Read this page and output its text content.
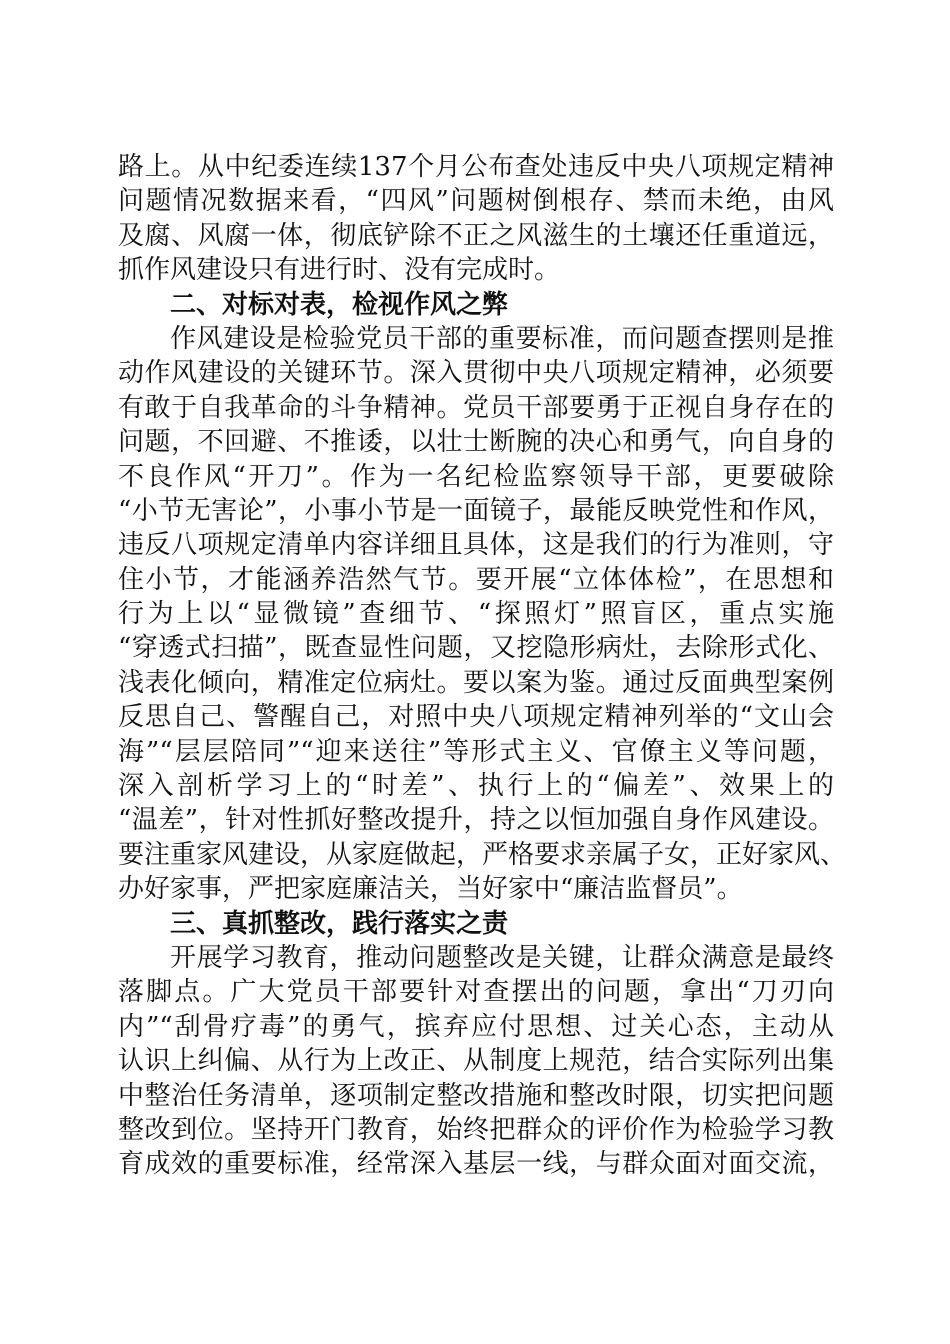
路上。从中纪委连续137个月公布查处违反中央八项规定精神
问题情况数据来看，“四风”问题树倒根存、禁而未绝，由风
及腐、风腐一体，彻底铲除不正之风滋生的土壤还任重道远，
抓作风建设只有进行时、没有完成时。
二、对标对表，检视作风之弊
作风建设是检验党员干部的重要标准，而问题查摆则是推
动作风建设的关键环节。深入贯彻中央八项规定精神，必须要
有敢于自我革命的斗争精神。党员干部要勇于正视自身存在的
问题，不回避、不推诿，以壮士断腕的决心和勇气，向自身的
不良作风“开刀”。作为一名纪检监察领导干部，更要破除
“小节无害论”，小事小节是一面镜子，最能反映党性和作风，
违反八项规定清单内容详细且具体，这是我们的行为准则，守
住小节，才能涵养浩然气节。要开展“立体体检”，在思想和
行为上以“显微镜”查细节、“探照灯”照盲区，重点实施
“穿透式扫描”，既查显性问题，又挖隐形病灶，去除形式化、
浅表化倾向，精准定位病灶。要以案为鉴。通过反面典型案例
反思自己、警醒自己，对照中央八项规定精神列举的“文山会
海”“层层陪同”“迎来送往”等形式主义、官僚主义等问题，
深入剖析学习上的“时差”、执行上的“偏差”、效果上的
“温差”，针对性抓好整改提升，持之以恒加强自身作风建设。
要注重家风建设，从家庭做起，严格要求亲属子女，正好家风、
办好家事，严把家庭廉洁关，当好家中“廉洁监督员”。
三、真抓整改，践行落实之责
开展学习教育，推动问题整改是关键，让群众满意是最终
落脚点。广大党员干部要针对查摆出的问题，拿出“刀刃向
内”“刮骨疗毒”的勇气，摈弃应付思想、过关心态，主动从
认识上纠偏、从行为上改正、从制度上规范，结合实际列出集
中整治任务清单，逐项制定整改措施和整改时限，切实把问题
整改到位。坚持开门教育，始终把群众的评价作为检验学习教
育成效的重要标准，经常深入基层一线，与群众面对面交流，
